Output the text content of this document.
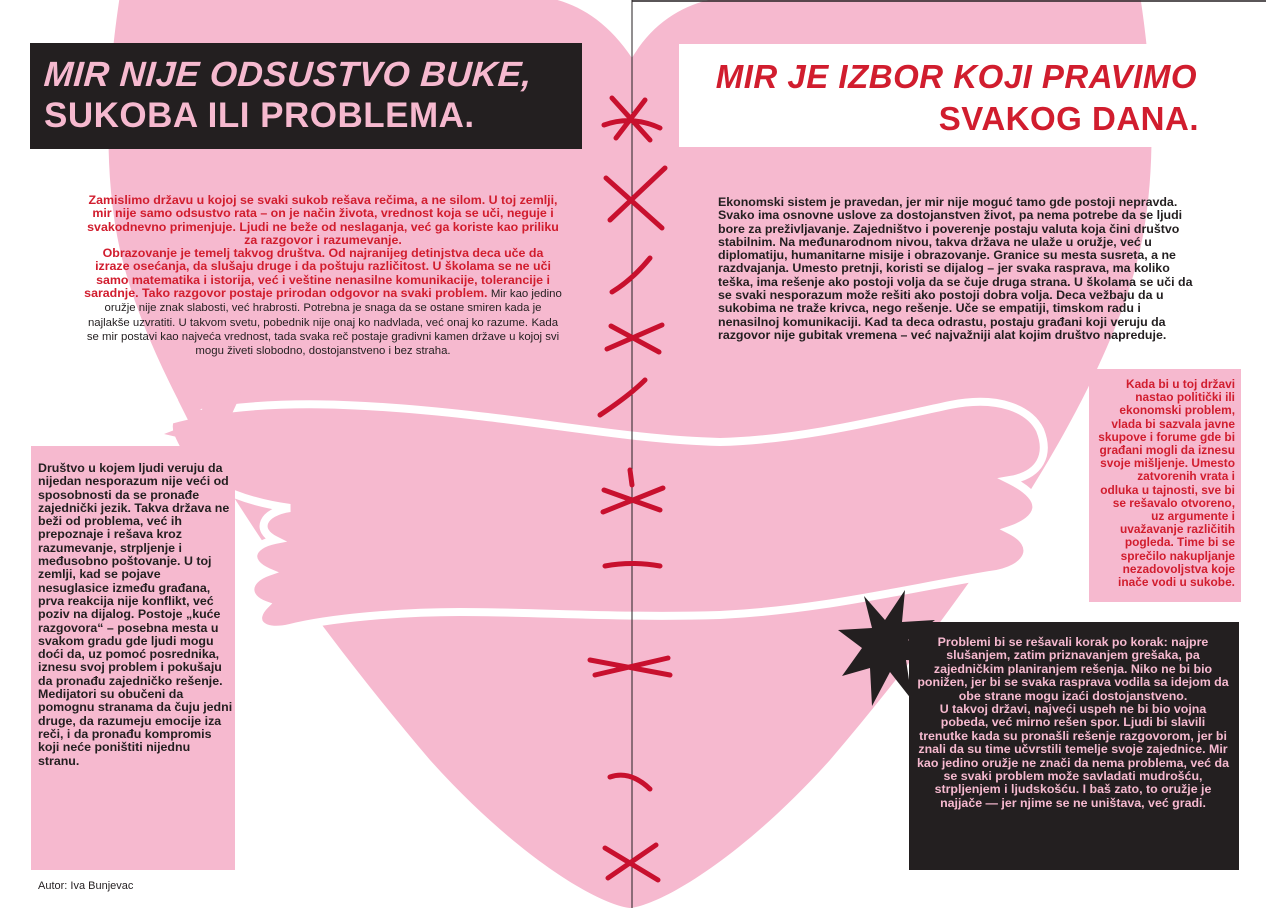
MIR NIJE ODSUSTVO BUKE,
SUKOBA ILI PROBLEMA.
MIR JE IZBOR KOJI PRAVIMO
SVAKOG DANA.
Zamislimo državu u kojoj se svaki sukob rešava rečima, a ne silom. U toj zemlji, mir nije samo odsustvo rata – on je način života, vrednost koja se uči, neguje i svakodnevno primenjuje. Ljudi ne beže od neslaganja, već ga koriste kao priliku za razgovor i razumevanje.
Obrazovanje je temelj takvog društva. Od najranijeg detinjstva deca uče da izraze osećanja, da slušaju druge i da poštuju različitost. U školama se ne uči samo matematika i istorija, već i veštine nenasilne komunikacije, tolerancije i saradnje. Tako razgovor postaje prirodan odgovor na svaki problem. Mir kao jedino oružje nije znak slabosti, već hrabrosti. Potrebna je snaga da se ostane smiren kada je najlakše uzvratiti. U takvom svetu, pobednik nije onaj ko nadvlada, već onaj ko razume. Kada se mir postavi kao najveća vrednost, tada svaka reč postaje gradivni kamen države u kojoj svi mogu živeti slobodno, dostojanstveno i bez straha.
Društvo u kojem ljudi veruju da nijedan nesporazum nije veći od sposobnosti da se pronađe zajednički jezik. Takva država ne beži od problema, već ih prepoznaje i rešava kroz razumevanje, strpljenje i međusobno poštovanje. U toj zemlji, kad se pojave nesuglasice između građana, prva reakcija nije konflikt, već poziv na dijalog. Postoje „kuće razgovora“ – posebna mesta u svakom gradu gde ljudi mogu doći da, uz pomoć posrednika, iznesu svoj problem i pokušaju da pronađu zajedničko rešenje. Medijatori su obučeni da pomognu stranama da čuju jedni druge, da razumeju emocije iza reči, i da pronađu kompromis koji neće poništiti nijednu stranu.
Ekonomski sistem je pravedan, jer mir nije moguć tamo gde postoji nepravda. Svako ima osnovne uslove za dostojanstven život, pa nema potrebe da se ljudi bore za preživljavanje. Zajedništvo i poverenje postaju valuta koja čini društvo stabilnim. Na međunarodnom nivou, takva država ne ulaže u oružje, već u diplomatiju, humanitarne misije i obrazovanje. Granice su mesta susreta, a ne razdvajanja. Umesto pretnji, koristi se dijalog – jer svaka rasprava, ma koliko teška, ima rešenje ako postoji volja da se čuje druga strana. U školama se uči da se svaki nesporazum može rešiti ako postoji dobra volja. Deca vežbaju da u sukobima ne traže krivca, nego rešenje. Uče se empatiji, timskom radu i nenasilnoj komunikaciji. Kad ta deca odrastu, postaju građani koji veruju da razgovor nije gubitak vremena – već najvažniji alat kojim društvo napreduje.
Kada bi u toj državi nastao politički ili ekonomski problem, vlada bi sazvala javne skupove i forume gde bi građani mogli da iznesu svoje mišljenje. Umesto zatvorenih vrata i odluka u tajnosti, sve bi se rešavalo otvoreno, uz argumente i uvažavanje različitih pogleda. Time bi se sprečilo nakupljanje nezadovoljstva koje inače vodi u sukobe.
Problemi bi se rešavali korak po korak: najpre slušanjem, zatim priznavanjem grešaka, pa zajedničkim planiranjem rešenja. Niko ne bi bio ponižen, jer bi se svaka rasprava vodila sa idejom da obe strane mogu izaći dostojanstveno.
U takvoj državi, najveći uspeh ne bi bio vojna pobeda, već mirno rešen spor. Ljudi bi slavili trenutke kada su pronašli rešenje razgovorom, jer bi znali da su time učvrstili temelje svoje zajednice. Mir kao jedino oružje ne znači da nema problema, već da se svaki problem može savladati mudrošću, strpljenjem i ljudskošću. I baš zato, to oružje je najjače — jer njime se ne uništava, već gradi.
Autor: Iva Bunjevac
